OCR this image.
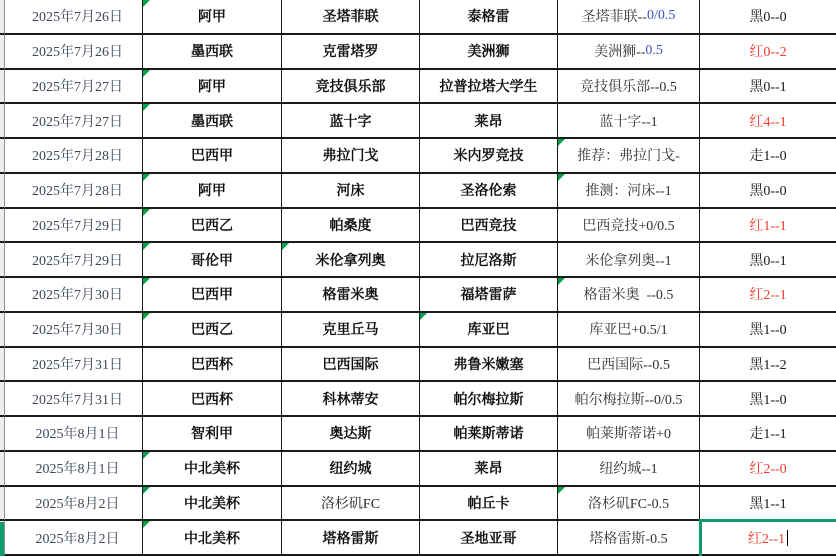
2025年7月26日	阿甲	圣塔菲联	泰格雷	圣塔菲联-- 0/0.5	黑0--0
2025年7月26日	墨西联	克雷塔罗	美洲狮	美洲狮-- 0.5	红0--2
2025年7月27日	阿甲	竞技俱乐部	拉普拉塔大学生	竞技俱乐部--0.5	黑0--1
2025年7月27日	墨西联	蓝十字	莱昂	蓝十字--1	红4--1
2025年7月28日	巴西甲	弗拉门戈	米内罗竞技	推荐：弗拉门戈-	走1--0
2025年7月28日	阿甲	河床	圣洛伦索	推测：河床--1	黑0--0
2025年7月29日	巴西乙	帕桑度	巴西竞技	巴西竞技+0/0.5	红1--1
2025年7月29日	哥伦甲	米伦拿列奥	拉尼洛斯	米伦拿列奥--1	黑0--1
2025年7月30日	巴西甲	格雷米奥	福塔雷萨	格雷米奥  --0.5	红2--1
2025年7月30日	巴西乙	克里丘马	库亚巴	库亚巴+0.5/1	黑1--0
2025年7月31日	巴西杯	巴西国际	弗鲁米嫩塞	巴西国际--0.5	黑1--2
2025年7月31日	巴西杯	科林蒂安	帕尔梅拉斯	帕尔梅拉斯--0/0.5	黑1--0
2025年8月1日	智利甲	奥达斯	帕莱斯蒂诺	帕莱斯蒂诺+0	走1--1
2025年8月1日	中北美杯	纽约城	莱昂	纽约城--1	红2--0
2025年8月2日	中北美杯	洛杉矶FC	帕丘卡	洛杉矶FC-0.5	黑1--1
2025年8月2日	中北美杯	塔格雷斯	圣地亚哥	塔格雷斯-0.5	红2--1
